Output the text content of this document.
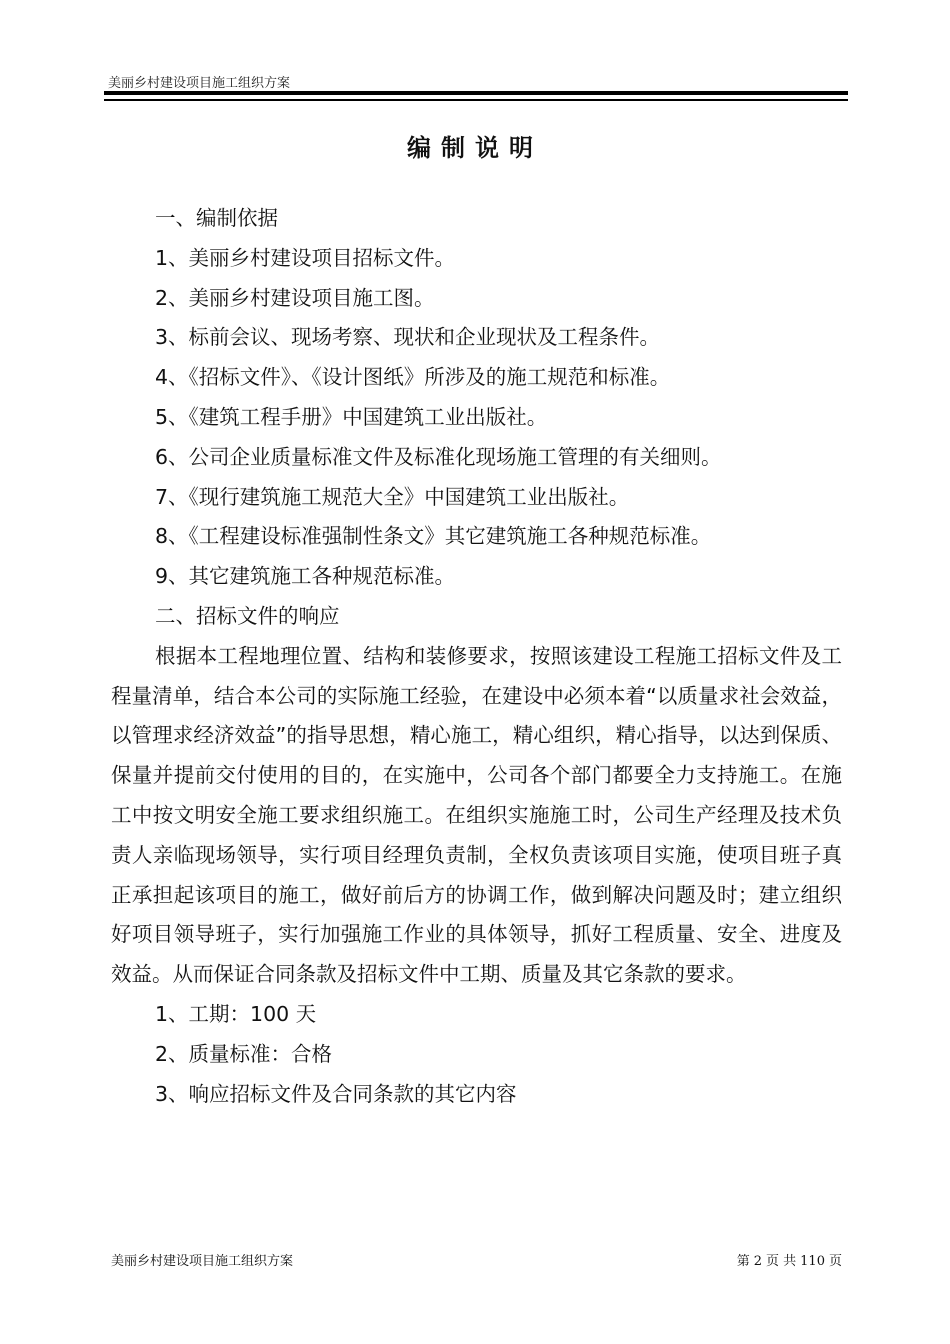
美丽乡村建设项目施工组织方案
编制说明
一、编制依据
1、美丽乡村建设项目招标文件。
2、美丽乡村建设项目施工图。
3、标前会议、现场考察、现状和企业现状及工程条件。
4、《招标文件》、《设计图纸》所涉及的施工规范和标准。
5、《建筑工程手册》中国建筑工业出版社。
6、公司企业质量标准文件及标准化现场施工管理的有关细则。
7、《现行建筑施工规范大全》中国建筑工业出版社。
8、《工程建设标准强制性条文》其它建筑施工各种规范标准。
9、其它建筑施工各种规范标准。
二、招标文件的响应
根据本工程地理位置、结构和装修要求，按照该建设工程施工招标文件及工程量清单，结合本公司的实际施工经验，在建设中必须本着“以质量求社会效益，以管理求经济效益”的指导思想，精心施工，精心组织，精心指导，以达到保质、保量并提前交付使用的目的，在实施中，公司各个部门都要全力支持施工。在施工中按文明安全施工要求组织施工。在组织实施施工时，公司生产经理及技术负责人亲临现场领导，实行项目经理负责制，全权负责该项目实施，使项目班子真正承担起该项目的施工，做好前后方的协调工作，做到解决问题及时；建立组织好项目领导班子，实行加强施工作业的具体领导，抓好工程质量、安全、进度及效益。从而保证合同条款及招标文件中工期、质量及其它条款的要求。
1、工期：100 天
2、质量标准：合格
3、响应招标文件及合同条款的其它内容
美丽乡村建设项目施工组织方案	第 2 页 共 110 页
